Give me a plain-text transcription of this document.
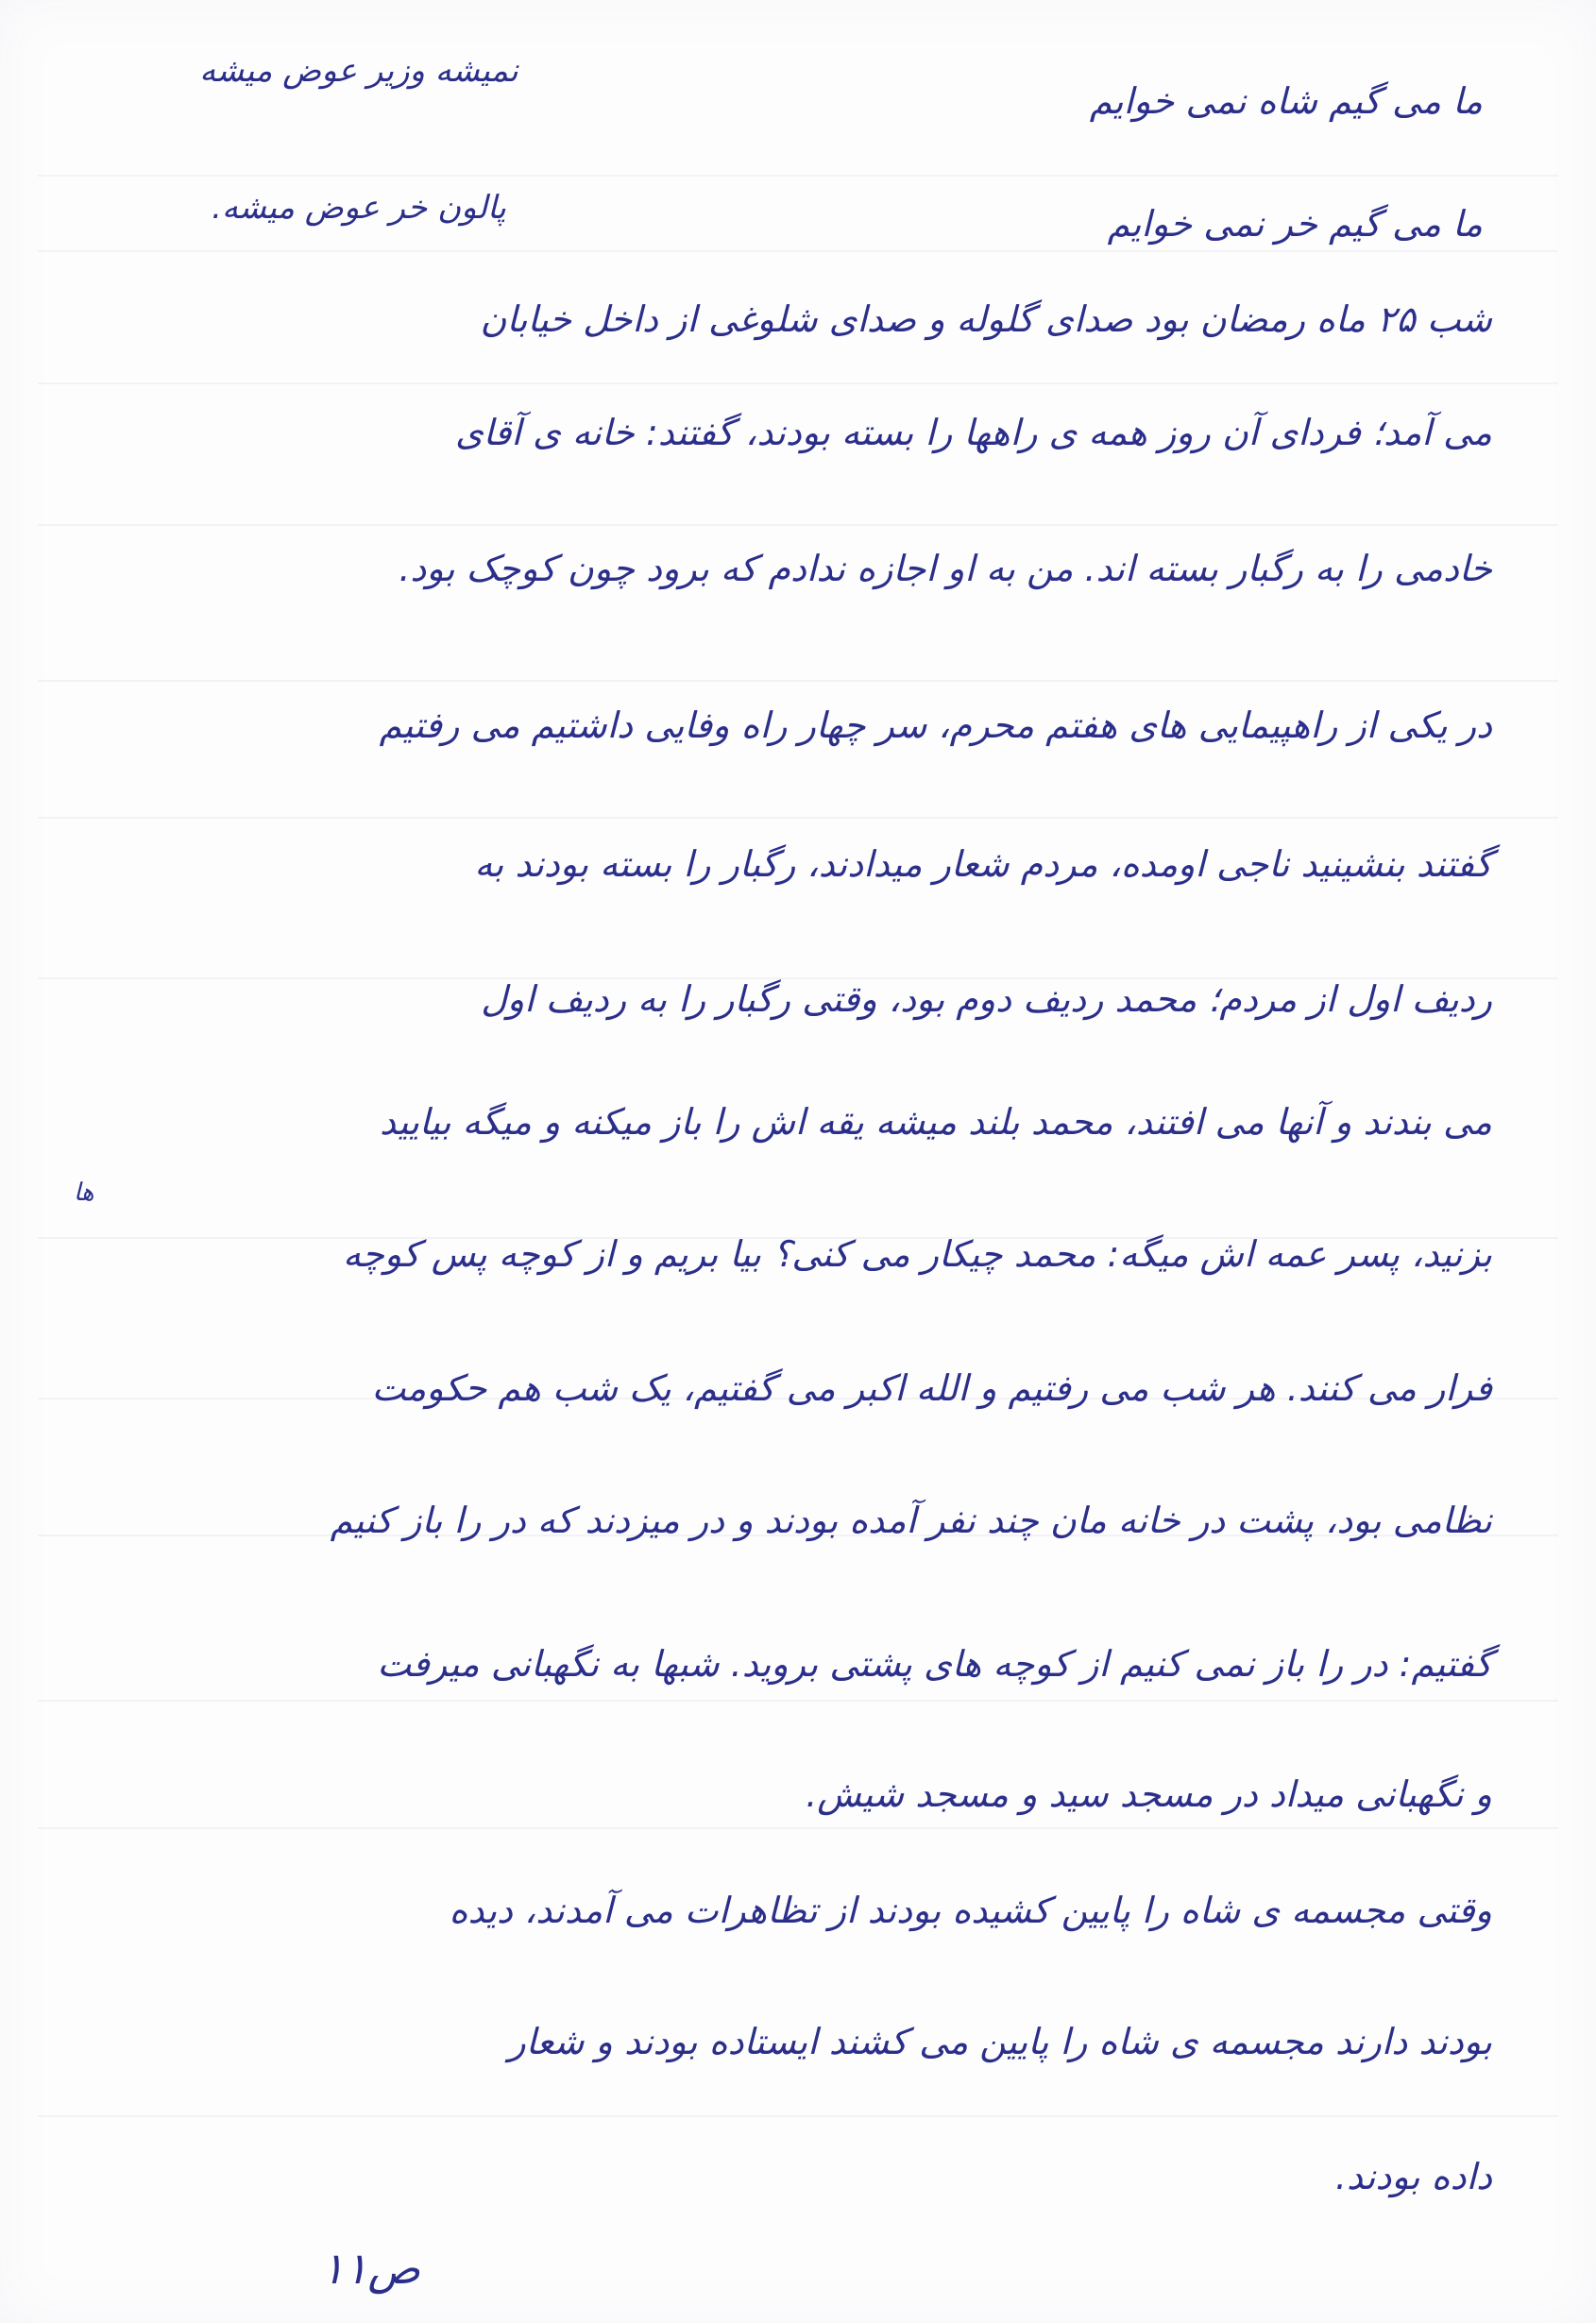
نمیشه وزیر عوض میشه
ما می گیم شاه نمی خوایم
پالون خر عوض میشه.	ما می گیم خر نمی خوایم
شب ۲۵ ماه رمضان بود صدای گلوله و صدای شلوغی از داخل خیابان
می آمد؛ فردای آن روز همه ی راهها را بسته بودند، گفتند: خانه ی آقای
خادمی را به رگبار بسته اند. من به او اجازه ندادم که برود چون کوچک بود.
در یکی از راهپیمایی های هفتم محرم، سر چهار راه وفایی داشتیم می رفتیم
گفتند بنشینید ناجی اومده، مردم شعار میدادند، رگبار را بسته بودند به
ردیف اول از مردم؛ محمد ردیف دوم بود، وقتی رگبار را به ردیف اول
می بندند و آنها می افتند، محمد بلند میشه یقه اش را باز میکنه و میگه بیایید
بزنید، پسر عمه اش میگه: محمد چیکار می کنی؟ بیا بریم و از کوچه پس کوچه
فرار می کنند. هر شب می رفتیم و الله اکبر می گفتیم، یک شب هم حکومت
نظامی بود، پشت در خانه مان چند نفر آمده بودند و در میزدند که در را باز کنیم
گفتیم: در را باز نمی کنیم از کوچه های پشتی بروید. شبها به نگهبانی میرفت
و نگهبانی میداد در مسجد سید و مسجد شیش.
وقتی مجسمه ی شاه را پایین کشیده بودند از تظاهرات می آمدند، دیده
بودند دارند مجسمه ی شاه را پایین می کشند ایستاده بودند و شعار
داده بودند.
ها
ص۱۱
